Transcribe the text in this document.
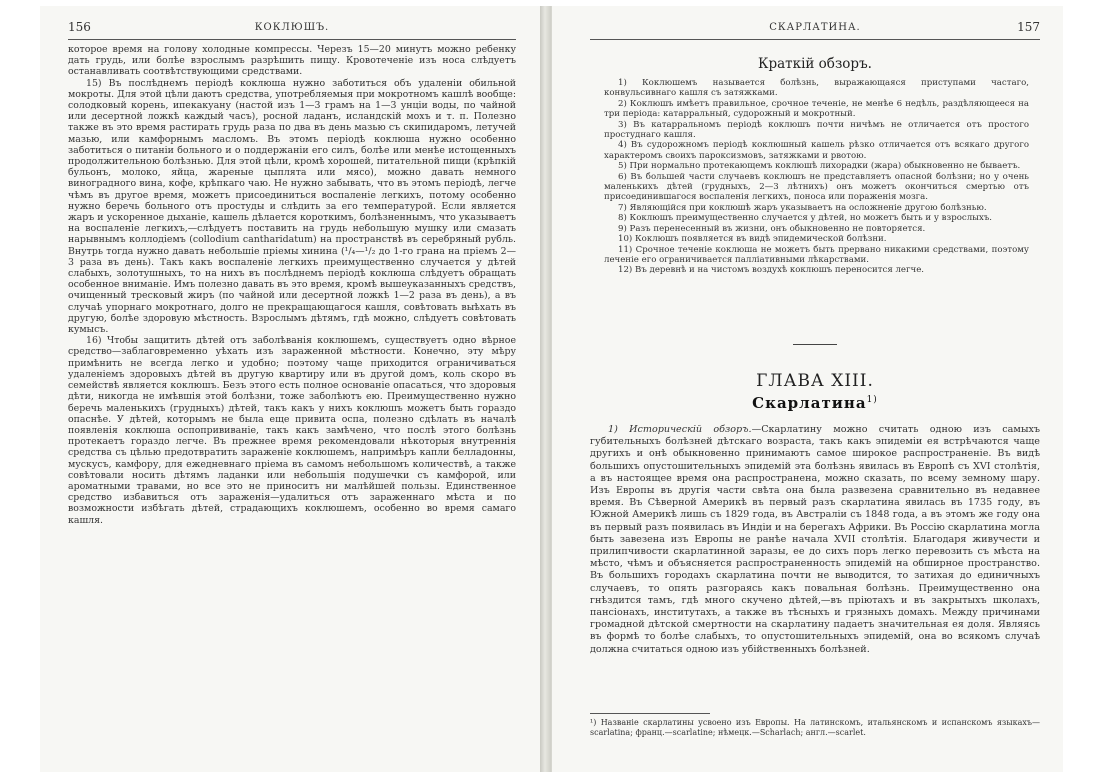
156	КОКЛЮШЪ.

которое время на голову холодные компрессы. Черезъ 15—20 минутъ можно ребенку дать грудь, или болѣе взрослымъ разрѣшить пищу. Кровотеченіе изъ носа слѣдуетъ останавливать соотвѣтствующими средствами.

15) Въ послѣднемъ періодѣ коклюша нужно заботиться объ удаленіи обильной мокроты. Для этой цѣли даютъ средства, употребляемыя при мокротномъ кашлѣ вообще: солодковый корень, ипекакуану (настой изъ 1—3 грамъ на 1—3 унціи воды, по чайной или десертной ложкѣ каждый часъ), росной ладанъ, исландскій мохъ и т. п. Полезно также въ это время растирать грудь раза по два въ день мазью съ скипидаромъ, летучей мазью, или камфорнымъ масломъ. Въ этомъ періодѣ коклюша нужно особенно заботиться о питаніи больного и о поддержаніи его силъ, болѣе или менѣе истощенныхъ продолжительною болѣзнью. Для этой цѣли, кромѣ хорошей, питательной пищи (крѣпкій бульонъ, молоко, яйца, жареные цыплята или мясо), можно давать немного виноградного вина, кофе, крѣпкаго чаю. Не нужно забывать, что въ этомъ періодѣ, легче чѣмъ въ другое время, можетъ присоединиться воспаленіе легкихъ, потому особенно нужно беречь больного отъ простуды и слѣдить за его температурой. Если является жаръ и ускоренное дыханіе, кашель дѣлается короткимъ, болѣзненнымъ, что указываетъ на воспаленіе легкихъ,—слѣдуетъ поставить на грудь небольшую мушку или смазать нарывнымъ коллодіемъ (collodium cantharidatum) на пространствѣ въ серебряный рубль. Внутрь тогда нужно давать небольшіе пріемы хинина (¹/₄—¹/₂ до 1-го грана на пріемъ 2—3 раза въ день). Такъ какъ воспаленіе легкихъ преимущественно случается у дѣтей слабыхъ, золотушныхъ, то на нихъ въ послѣднемъ періодѣ коклюша слѣдуетъ обращать особенное вниманіе. Имъ полезно давать въ это время, кромѣ вышеуказанныхъ средствъ, очищенный тресковый жиръ (по чайной или десертной ложкѣ 1—2 раза въ день), а въ случаѣ упорнаго мокротнаго, долго не прекращающагося кашля, совѣтовать выѣхать въ другую, болѣе здоровую мѣстность. Взрослымъ дѣтямъ, гдѣ можно, слѣдуетъ совѣтовать кумысъ.

16) Чтобы защитить дѣтей отъ заболѣванія коклюшемъ, существуетъ одно вѣрное средство—заблаговременно уѣхать изъ зараженной мѣстности. Конечно, эту мѣру примѣнить не всегда легко и удобно; поэтому чаще приходится ограничиваться удаленіемъ здоровыхъ дѣтей въ другую квартиру или въ другой домъ, коль скоро въ семействѣ является коклюшъ. Безъ этого есть полное основаніе опасаться, что здоровыя дѣти, никогда не имѣвшія этой болѣзни, тоже заболѣютъ ею. Преимущественно нужно беречь маленькихъ (грудныхъ) дѣтей, такъ какъ у нихъ коклюшъ можетъ быть гораздо опаснѣе. У дѣтей, которымъ не была еще привита оспа, полезно сдѣлать въ началѣ появленія коклюша оспопрививаніе, такъ какъ замѣчено, что послѣ этого болѣзнь протекаетъ гораздо легче. Въ прежнее время рекомендовали нѣкоторыя внутреннія средства съ цѣлью предотвратить зараженіе коклюшемъ, напримѣръ капли белладонны, мускусъ, камфору, для ежедневнаго пріема въ самомъ небольшомъ количествѣ, а также совѣтовали носить дѣтямъ ладанки или небольшія подушечки съ камфорой, или ароматными травами, но все это не приноситъ ни малѣйшей пользы. Единственное средство избавиться отъ зараженія—удалиться отъ зараженнаго мѣста и по возможности избѣгать дѣтей, страдающихъ коклюшемъ, особенно во время самаго кашля.

СКАРЛАТИНА.	157
Краткій обзоръ.

1) Коклюшемъ называется болѣзнь, выражающаяся приступами частаго, конвульсивнаго кашля съ затяжками.

2) Коклюшъ имѣетъ правильное, срочное теченіе, не менѣе 6 недѣль, раздѣляющееся на три періода: катарральный, судорожный и мокротный.

3) Въ катарральномъ періодѣ коклюшъ почти ничѣмъ не отличается отъ простого простуднаго кашля.

4) Въ судорожномъ періодѣ коклюшный кашель рѣзко отличается отъ всякаго другого характеромъ своихъ пароксизмовъ, затяжками и рвотою.

5) При нормально протекающемъ коклюшѣ лихорадки (жара) обыкновенно не бываетъ.

6) Въ большей части случаевъ коклюшъ не представляетъ опасной болѣзни; но у очень маленькихъ дѣтей (грудныхъ, 2—3 лѣтнихъ) онъ можетъ окончиться смертью отъ присоединившагося воспаленія легкихъ, поноса или пораженія мозга.

7) Являющійся при коклюшѣ жаръ указываетъ на осложненіе другою болѣзнью.

8) Коклюшъ преимущественно случается у дѣтей, но можетъ быть и у взрослыхъ.

9) Разъ перенесенный въ жизни, онъ обыкновенно не повторяется.

10) Коклюшъ появляется въ видѣ эпидемической болѣзни.

11) Срочное теченіе коклюша не можетъ быть прервано никакими средствами, поэтому леченіе его ограничивается палліативными лѣкарствами.

12) Въ деревнѣ и на чистомъ воздухѣ коклюшъ переносится легче.

ГЛАВА XIII.
Скарлатина$^{1)}$

1) Историческій обзоръ.—Скарлатину можно считать одною изъ самыхъ губительныхъ болѣзней дѣтскаго возраста, такъ какъ эпидеміи ея встрѣчаются чаще другихъ и онѣ обыкновенно принимаютъ самое широкое распространеніе. Въ видѣ большихъ опустошительныхъ эпидемій эта болѣзнь явилась въ Европѣ съ XVI столѣтія, а въ настоящее время она распространена, можно сказать, по всему земному шару. Изъ Европы въ другія части свѣта она была развезена сравнительно въ недавнее время. Въ Сѣверной Америкѣ въ первый разъ скарлатина явилась въ 1735 году, въ Южной Америкѣ лишь съ 1829 года, въ Австраліи съ 1848 года, а въ этомъ же году она въ первый разъ появилась въ Индіи и на берегахъ Африки. Въ Россію скарлатина могла быть завезена изъ Европы не ранѣе начала XVII столѣтія. Благодаря живучести и прилипчивости скарлатинной заразы, ее до сихъ поръ легко перевозить съ мѣста на мѣсто, чѣмъ и объясняется распространенность эпидемій на обширное пространство. Въ большихъ городахъ скарлатина почти не выводится, то затихая до единичныхъ случаевъ, то опять разгораясь какъ повальная болѣзнь. Преимущественно она гнѣздится тамъ, гдѣ много скучено дѣтей,—въ пріютахъ и въ закрытыхъ школахъ, пансіонахъ, институтахъ, а также въ тѣсныхъ и грязныхъ домахъ. Между причинами громадной дѣтской смертности на скарлатину падаетъ значительная ея доля. Являясь въ формѣ то болѣе слабыхъ, то опустошительныхъ эпидемій, она во всякомъ случаѣ должна считаться одною изъ убійственныхъ болѣзней.

¹) Названіе скарлатины усвоено изъ Европы. На латинскомъ, итальянскомъ и испанскомъ языкахъ—scarlatina; франц.—scarlatine; нѣмецк.—Scharlach; англ.—scarlet.
